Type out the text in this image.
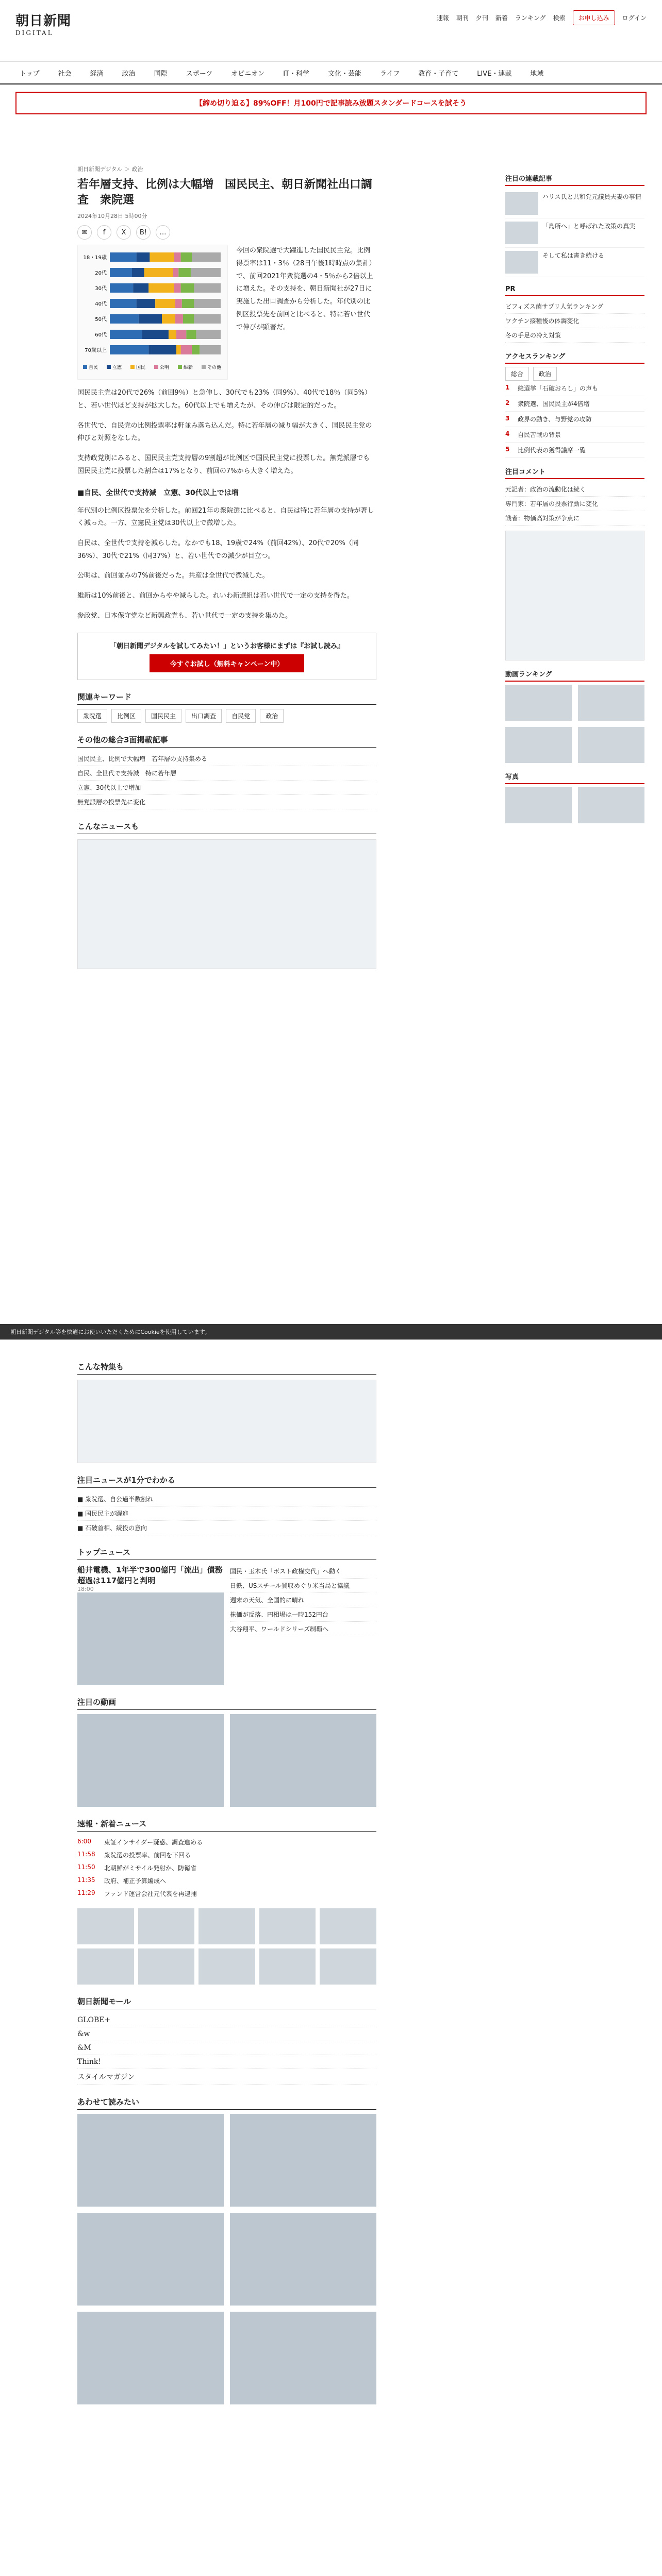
朝日新聞
DIGITAL
速報 朝刊 夕刊 新着 ランキング 検索	お申し込み	ログイン
トップ	社会	経済	政治	国際	スポーツ	オピニオン	IT・科学	文化・芸能	ライフ	教育・子育て	LIVE・連載	地域
【締め切り迫る】89%OFF！月100円で記事読み放題スタンダードコースを試そう
朝日新聞デジタル ＞ 政治
若年層支持、比例は大幅増　国民民主、朝日新聞社出口調査　衆院選
2024年10月28日 5時00分
✉	f	X	B!	…
18・19歳
20代
30代
40代
50代
60代
70歳以上
自民	立憲	国民	公明	維新	その他
今回の衆院選で大躍進した国民民主党。比例得票率は11・3％（28日午後1時時点の集計）で、前回2021年衆院選の4・5％から2倍以上に増えた。その支持を、朝日新聞社が27日に実施した出口調査から分析した。年代別の比例区投票先を前回と比べると、特に若い世代で伸びが顕著だ。

国民民主党は20代で26%（前回9％）と急伸し、30代でも23%（同9%）、40代で18％（同5%）と、若い世代ほど支持が拡大した。60代以上でも増えたが、その伸びは限定的だった。

各世代で、自民党の比例投票率は軒並み落ち込んだ。特に若年層の減り幅が大きく、国民民主党の伸びと対照をなした。

支持政党別にみると、国民民主党支持層の9割超が比例区で国民民主党に投票した。無党派層でも国民民主党に投票した割合は17%となり、前回の7%から大きく増えた。

■自民、全世代で支持減　立憲、30代以上では増

年代別の比例区投票先を分析した。前回21年の衆院選に比べると、自民は特に若年層の支持が著しく減った。一方、立憲民主党は30代以上で微増した。

自民は、全世代で支持を減らした。なかでも18、19歳で24%（前回42%）、20代で20%（同36%）、30代で21%（同37%）と、若い世代での減少が目立つ。

公明は、前回並みの7%前後だった。共産は全世代で微減した。

維新は10%前後と、前回からやや減らした。れいわ新選組は若い世代で一定の支持を得た。

参政党、日本保守党など新興政党も、若い世代で一定の支持を集めた。

「朝日新聞デジタルを試してみたい！」というお客様にまずは『お試し読み』
今すぐお試し（無料キャンペーン中）
関連キーワード
衆院選	比例区	国民民主	出口調査	自民党	政治
その他の総合3面掲載記事
国民民主、比例で大幅増　若年層の支持集める
自民、全世代で支持減　特に若年層
立憲、30代以上で増加
無党派層の投票先に変化
こんなニュースも
注目の連載記事
ハリス氏と共和党元議員夫妻の事情
「島所へ」と呼ばれた政策の真実
そして私は書き続ける
PR
ビフィズス菌サプリ人気ランキング
ワクチン接種後の体調変化
冬の手足の冷え対策
アクセスランキング
総合	政治
1	総選挙「石破おろし」の声も
2	衆院選、国民民主が4倍増
3	政界の動き、与野党の攻防
4	自民苦戦の背景
5	比例代表の獲得議席一覧
注目コメント
元記者：政治の流動化は続く
専門家：若年層の投票行動に変化
識者：物価高対策が争点に
動画ランキング
写真
朝日新聞デジタル等を快適にお使いいただくためにCookieを使用しています。
こんな特集も
注目ニュースが1分でわかる
■ 衆院選、自公過半数割れ
■ 国民民主が躍進
■ 石破首相、続投の意向
トップニュース
船井電機、1年半で300億円「流出」債務超過は117億円と判明
18:00
国民・玉木氏「ボスト政権交代」へ動く
日鉄、USスチール買収めぐり米当局と協議
週末の天気、全国的に晴れ
株価が反落、円相場は一時152円台
大谷翔平、ワールドシリーズ制覇へ
注目の動画
速報・新着ニュース
6:00	東証インサイダー疑惑、調査進める
11:58	衆院選の投票率、前回を下回る
11:50	北朝鮮がミサイル発射か、防衛省
11:35	政府、補正予算編成へ
11:29	ファンド運営会社元代表を再逮捕
朝日新聞モール
GLOBE+
&w
&M
Think!
スタイルマガジン
あわせて読みたい
